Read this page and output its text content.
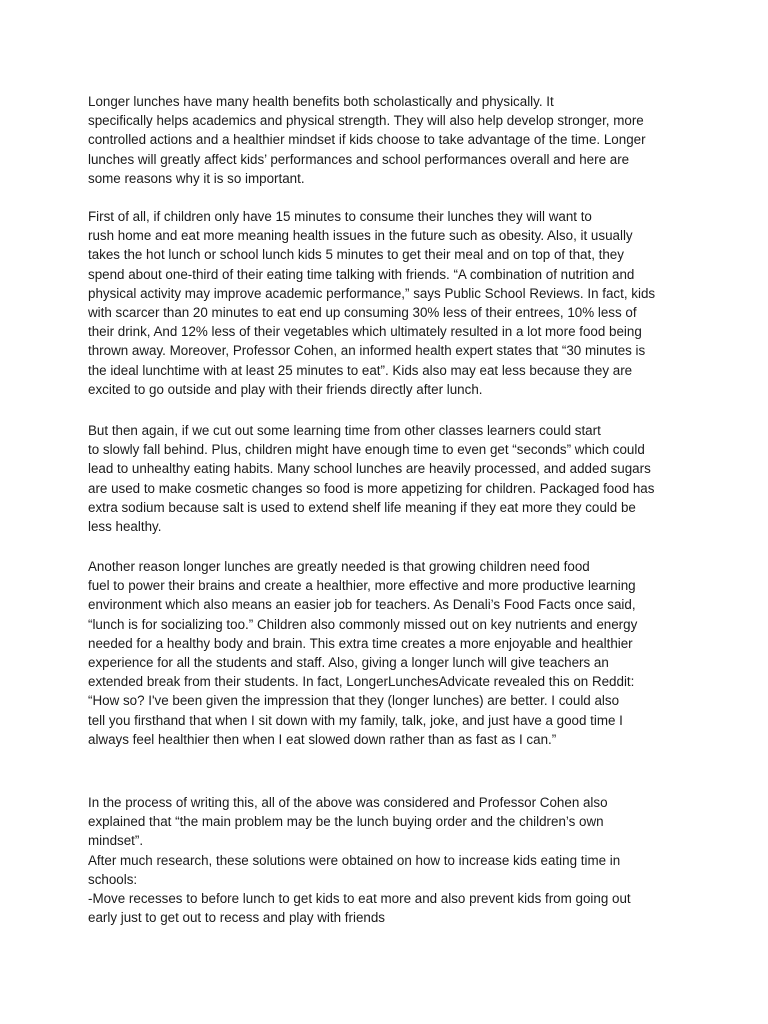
Longer lunches have many health benefits both scholastically and physically. It
specifically helps academics and physical strength. They will also help develop stronger, more
controlled actions and a healthier mindset if kids choose to take advantage of the time. Longer
lunches will greatly affect kids’ performances and school performances overall and here are
some reasons why it is so important.

First of all, if children only have 15 minutes to consume their lunches they will want to
rush home and eat more meaning health issues in the future such as obesity. Also, it usually
takes the hot lunch or school lunch kids 5 minutes to get their meal and on top of that, they
spend about one-third of their eating time talking with friends. “A combination of nutrition and
physical activity may improve academic performance,” says Public School Reviews. In fact, kids
with scarcer than 20 minutes to eat end up consuming 30% less of their entrees, 10% less of
their drink, And 12% less of their vegetables which ultimately resulted in a lot more food being
thrown away. Moreover, Professor Cohen, an informed health expert states that “30 minutes is
the ideal lunchtime with at least 25 minutes to eat”. Kids also may eat less because they are
excited to go outside and play with their friends directly after lunch.

But then again, if we cut out some learning time from other classes learners could start
to slowly fall behind. Plus, children might have enough time to even get “seconds” which could
lead to unhealthy eating habits. Many school lunches are heavily processed, and added sugars
are used to make cosmetic changes so food is more appetizing for children. Packaged food has
extra sodium because salt is used to extend shelf life meaning if they eat more they could be
less healthy.

Another reason longer lunches are greatly needed is that growing children need food
fuel to power their brains and create a healthier, more effective and more productive learning
environment which also means an easier job for teachers. As Denali’s Food Facts once said,
“lunch is for socializing too.” Children also commonly missed out on key nutrients and energy
needed for a healthy body and brain. This extra time creates a more enjoyable and healthier
experience for all the students and staff. Also, giving a longer lunch will give teachers an
extended break from their students. In fact, LongerLunchesAdvicate revealed this on Reddit:
“How so? I've been given the impression that they (longer lunches) are better. I could also
tell you firsthand that when I sit down with my family, talk, joke, and just have a good time I
always feel healthier then when I eat slowed down rather than as fast as I can.”

In the process of writing this, all of the above was considered and Professor Cohen also
explained that “the main problem may be the lunch buying order and the children’s own
mindset”.
After much research, these solutions were obtained on how to increase kids eating time in
schools:
-Move recesses to before lunch to get kids to eat more and also prevent kids from going out
early just to get out to recess and play with friends
